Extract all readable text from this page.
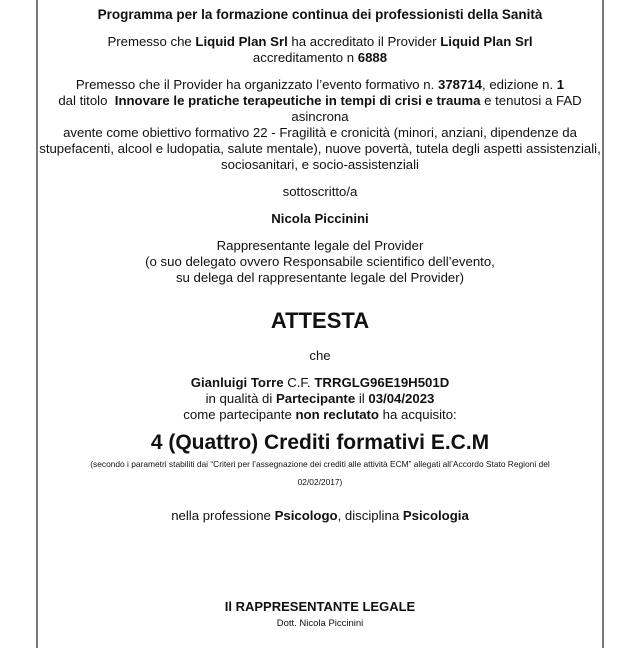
Programma per la formazione continua dei professionisti della Sanità
Premesso che Liquid Plan Srl ha accreditato il Provider Liquid Plan Srl
accreditamento n 6888
Premesso che il Provider ha organizzato l’evento formativo n. 378714, edizione n. 1
dal titolo  Innovare le pratiche terapeutiche in tempi di crisi e trauma e tenutosi a FAD
asincrona
avente come obiettivo formativo 22 - Fragilità e cronicità (minori, anziani, dipendenze da
stupefacenti, alcool e ludopatia, salute mentale), nuove povertà, tutela degli aspetti assistenziali,
sociosanitari, e socio-assistenziali
sottoscritto/a
Nicola Piccinini
Rappresentante legale del Provider
(o suo delegato ovvero Responsabile scientifico dell’evento,
su delega del rappresentante legale del Provider)
ATTESTA
che
Gianluigi Torre C.F. TRRGLG96E19H501D
in qualità di Partecipante il 03/04/2023
come partecipante non reclutato ha acquisito:
4 (Quattro) Crediti formativi E.C.M
(secondo i parametri stabiliti dai “Criteri per l’assegnazione dei crediti alle attività ECM” allegati all’Accordo Stato Regioni del
02/02/2017)
nella professione Psicologo, disciplina Psicologia
Il RAPPRESENTANTE LEGALE
Dott. Nicola Piccinini
